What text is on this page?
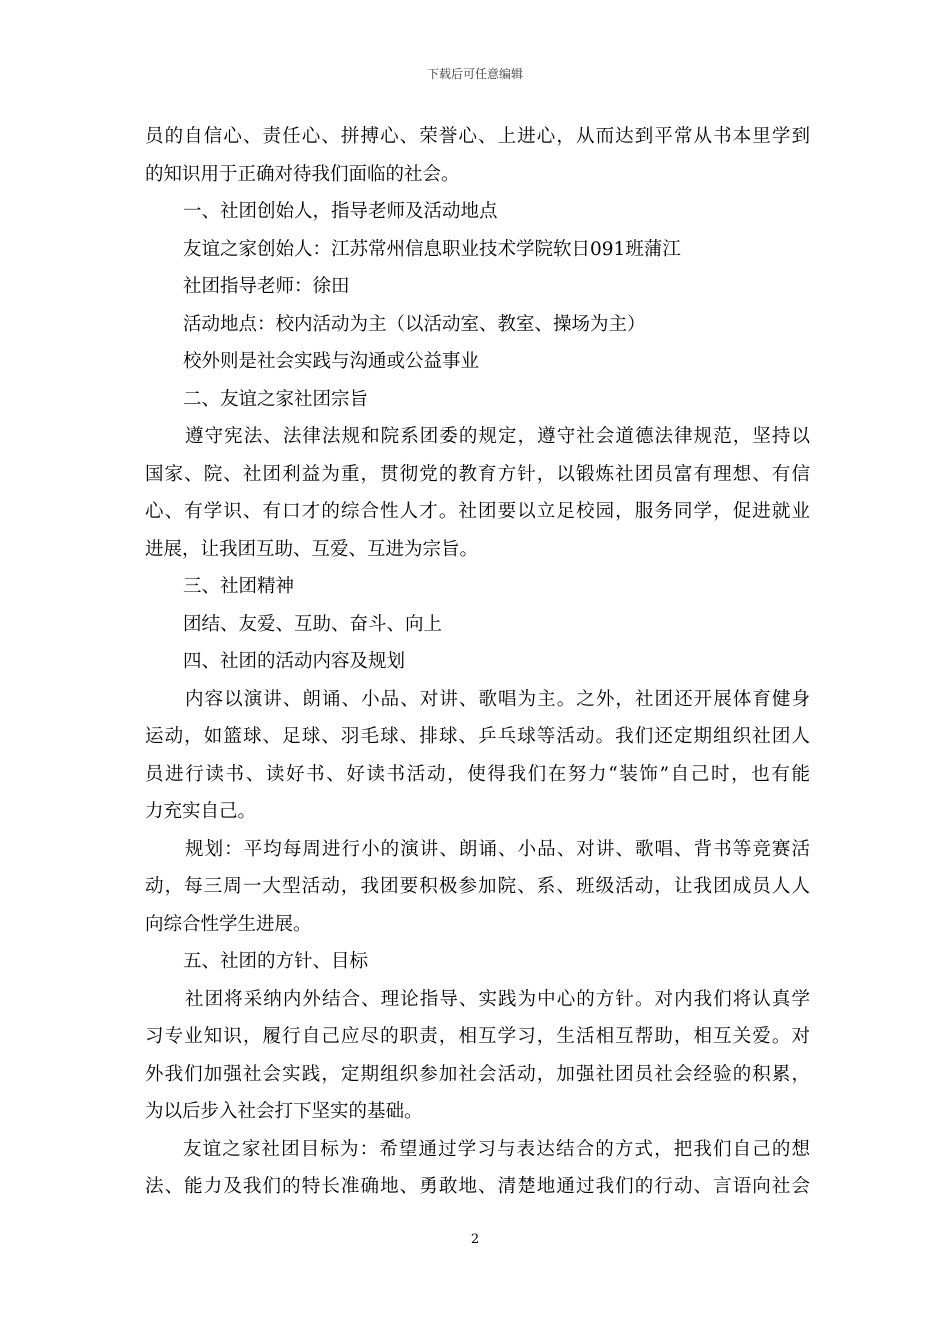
下载后可任意编辑
员的自信心、责任心、拼搏心、荣誉心、上进心，从而达到平常从书本里学到
的知识用于正确对待我们面临的社会。
一、社团创始人，指导老师及活动地点
友谊之家创始人：江苏常州信息职业技术学院软日091班蒲江
社团指导老师：徐田
活动地点：校内活动为主（以活动室、教室、操场为主）
校外则是社会实践与沟通或公益事业
二、友谊之家社团宗旨
遵守宪法、法律法规和院系团委的规定，遵守社会道德法律规范，坚持以
国家、院、社团利益为重，贯彻党的教育方针，以锻炼社团员富有理想、有信
心、有学识、有口才的综合性人才。社团要以立足校园，服务同学，促进就业
进展，让我团互助、互爱、互进为宗旨。
三、社团精神
团结、友爱、互助、奋斗、向上
四、社团的活动内容及规划
内容以演讲、朗诵、小品、对讲、歌唱为主。之外，社团还开展体育健身
运动，如篮球、足球、羽毛球、排球、乒乓球等活动。我们还定期组织社团人
员进行读书、读好书、好读书活动，使得我们在努力“装饰”自己时，也有能
力充实自己。
规划：平均每周进行小的演讲、朗诵、小品、对讲、歌唱、背书等竞赛活
动，每三周一大型活动，我团要积极参加院、系、班级活动，让我团成员人人
向综合性学生进展。
五、社团的方针、目标
社团将采纳内外结合、理论指导、实践为中心的方针。对内我们将认真学
习专业知识，履行自己应尽的职责，相互学习，生活相互帮助，相互关爱。对
外我们加强社会实践，定期组织参加社会活动，加强社团员社会经验的积累，
为以后步入社会打下坚实的基础。
友谊之家社团目标为：希望通过学习与表达结合的方式，把我们自己的想
法、能力及我们的特长准确地、勇敢地、清楚地通过我们的行动、言语向社会
2
